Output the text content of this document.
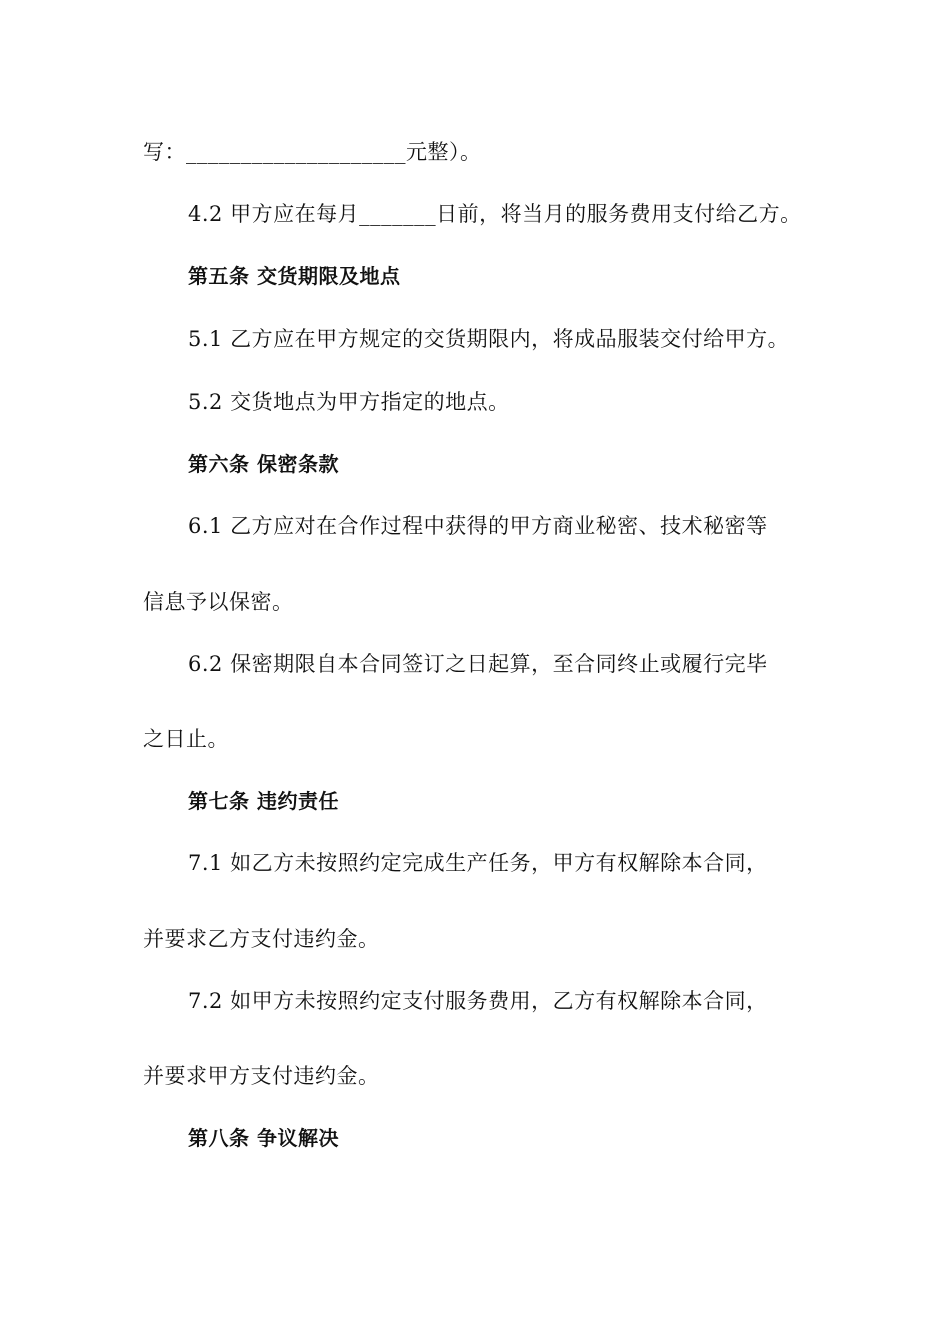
写：____________________元整）。
4.2 甲方应在每月_______日前，将当月的服务费用支付给乙方。
第五条 交货期限及地点
5.1 乙方应在甲方规定的交货期限内，将成品服装交付给甲方。
5.2 交货地点为甲方指定的地点。
第六条 保密条款
6.1 乙方应对在合作过程中获得的甲方商业秘密、技术秘密等
信息予以保密。
6.2 保密期限自本合同签订之日起算，至合同终止或履行完毕
之日止。
第七条 违约责任
7.1 如乙方未按照约定完成生产任务，甲方有权解除本合同，
并要求乙方支付违约金。
7.2 如甲方未按照约定支付服务费用，乙方有权解除本合同，
并要求甲方支付违约金。
第八条 争议解决
